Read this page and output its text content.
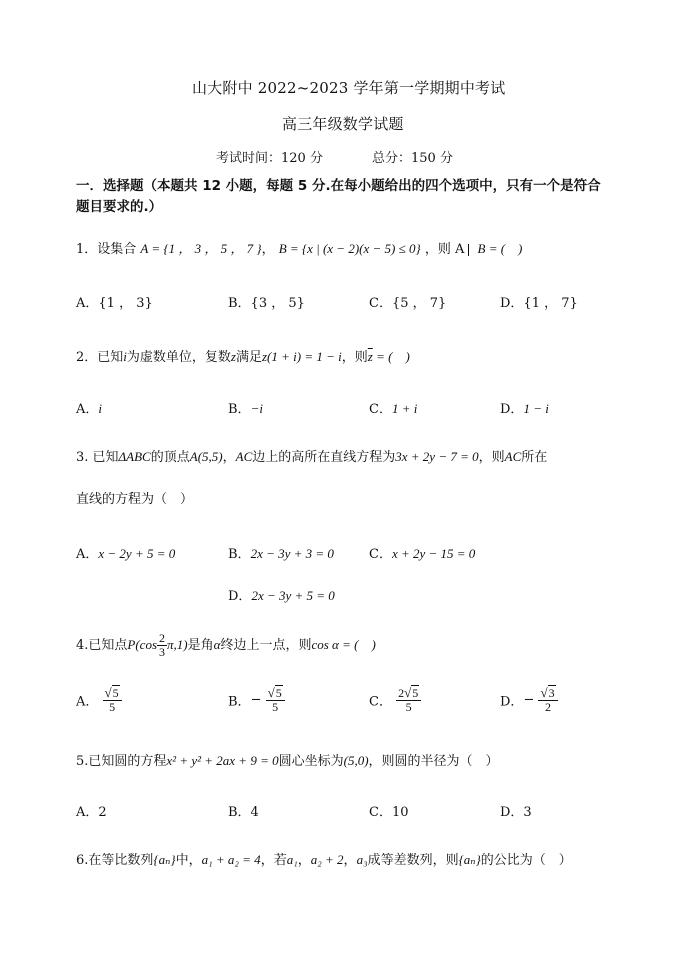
山大附中 2022~2023 学年第一学期期中考试
高三年级数学试题
考试时间：120 分	总分：150 分
一．选择题（本题共 12 小题，每题 5 分.在每小题给出的四个选项中，只有一个是符合
题目要求的.）
1．设集合 A = {1 ， 3 ， 5 ， 7 }， B = {x | (x − 2)(x − 5) ≤ 0} ，则 A B = (　)
A．{1 ， 3}	B．{3 ， 5}	C．{5 ， 7}	D．{1 ， 7}
2．已知i为虚数单位，复数z满足z(1 + i) = 1 − i，则$\overline{z}$ = (　)
A．i	B．−i	C．1 + i	D．1 − i
3. 已知ΔABC的顶点A(5,5)，AC边上的高所在直线方程为3x + 2y − 7 = 0，则AC所在
直线的方程为（　）
A．x − 2y + 5 = 0	B．2x − 3y + 3 = 0	C．x + 2y − 15 = 0
D．2x − 3y + 5 = 0
4.已知点$P(\cos \frac{2}{3} \pi,1)$是角α终边上一点，则cos α = (　)
A． $\frac{√5}{5}$	B．− $\frac{√5}{5}$	C． $\frac{2√5}{5}$	D．− $\frac{√3}{2}$
5.已知圆的方程x² + y² + 2ax + 9 = 0圆心坐标为(5,0)，则圆的半径为（　）
A．2	B．4	C．10	D．3
6.在等比数列{aₙ}中，a₁ + a₂ = 4，若a₁，a₂ + 2，a₃成等差数列，则{aₙ}的公比为（　）
